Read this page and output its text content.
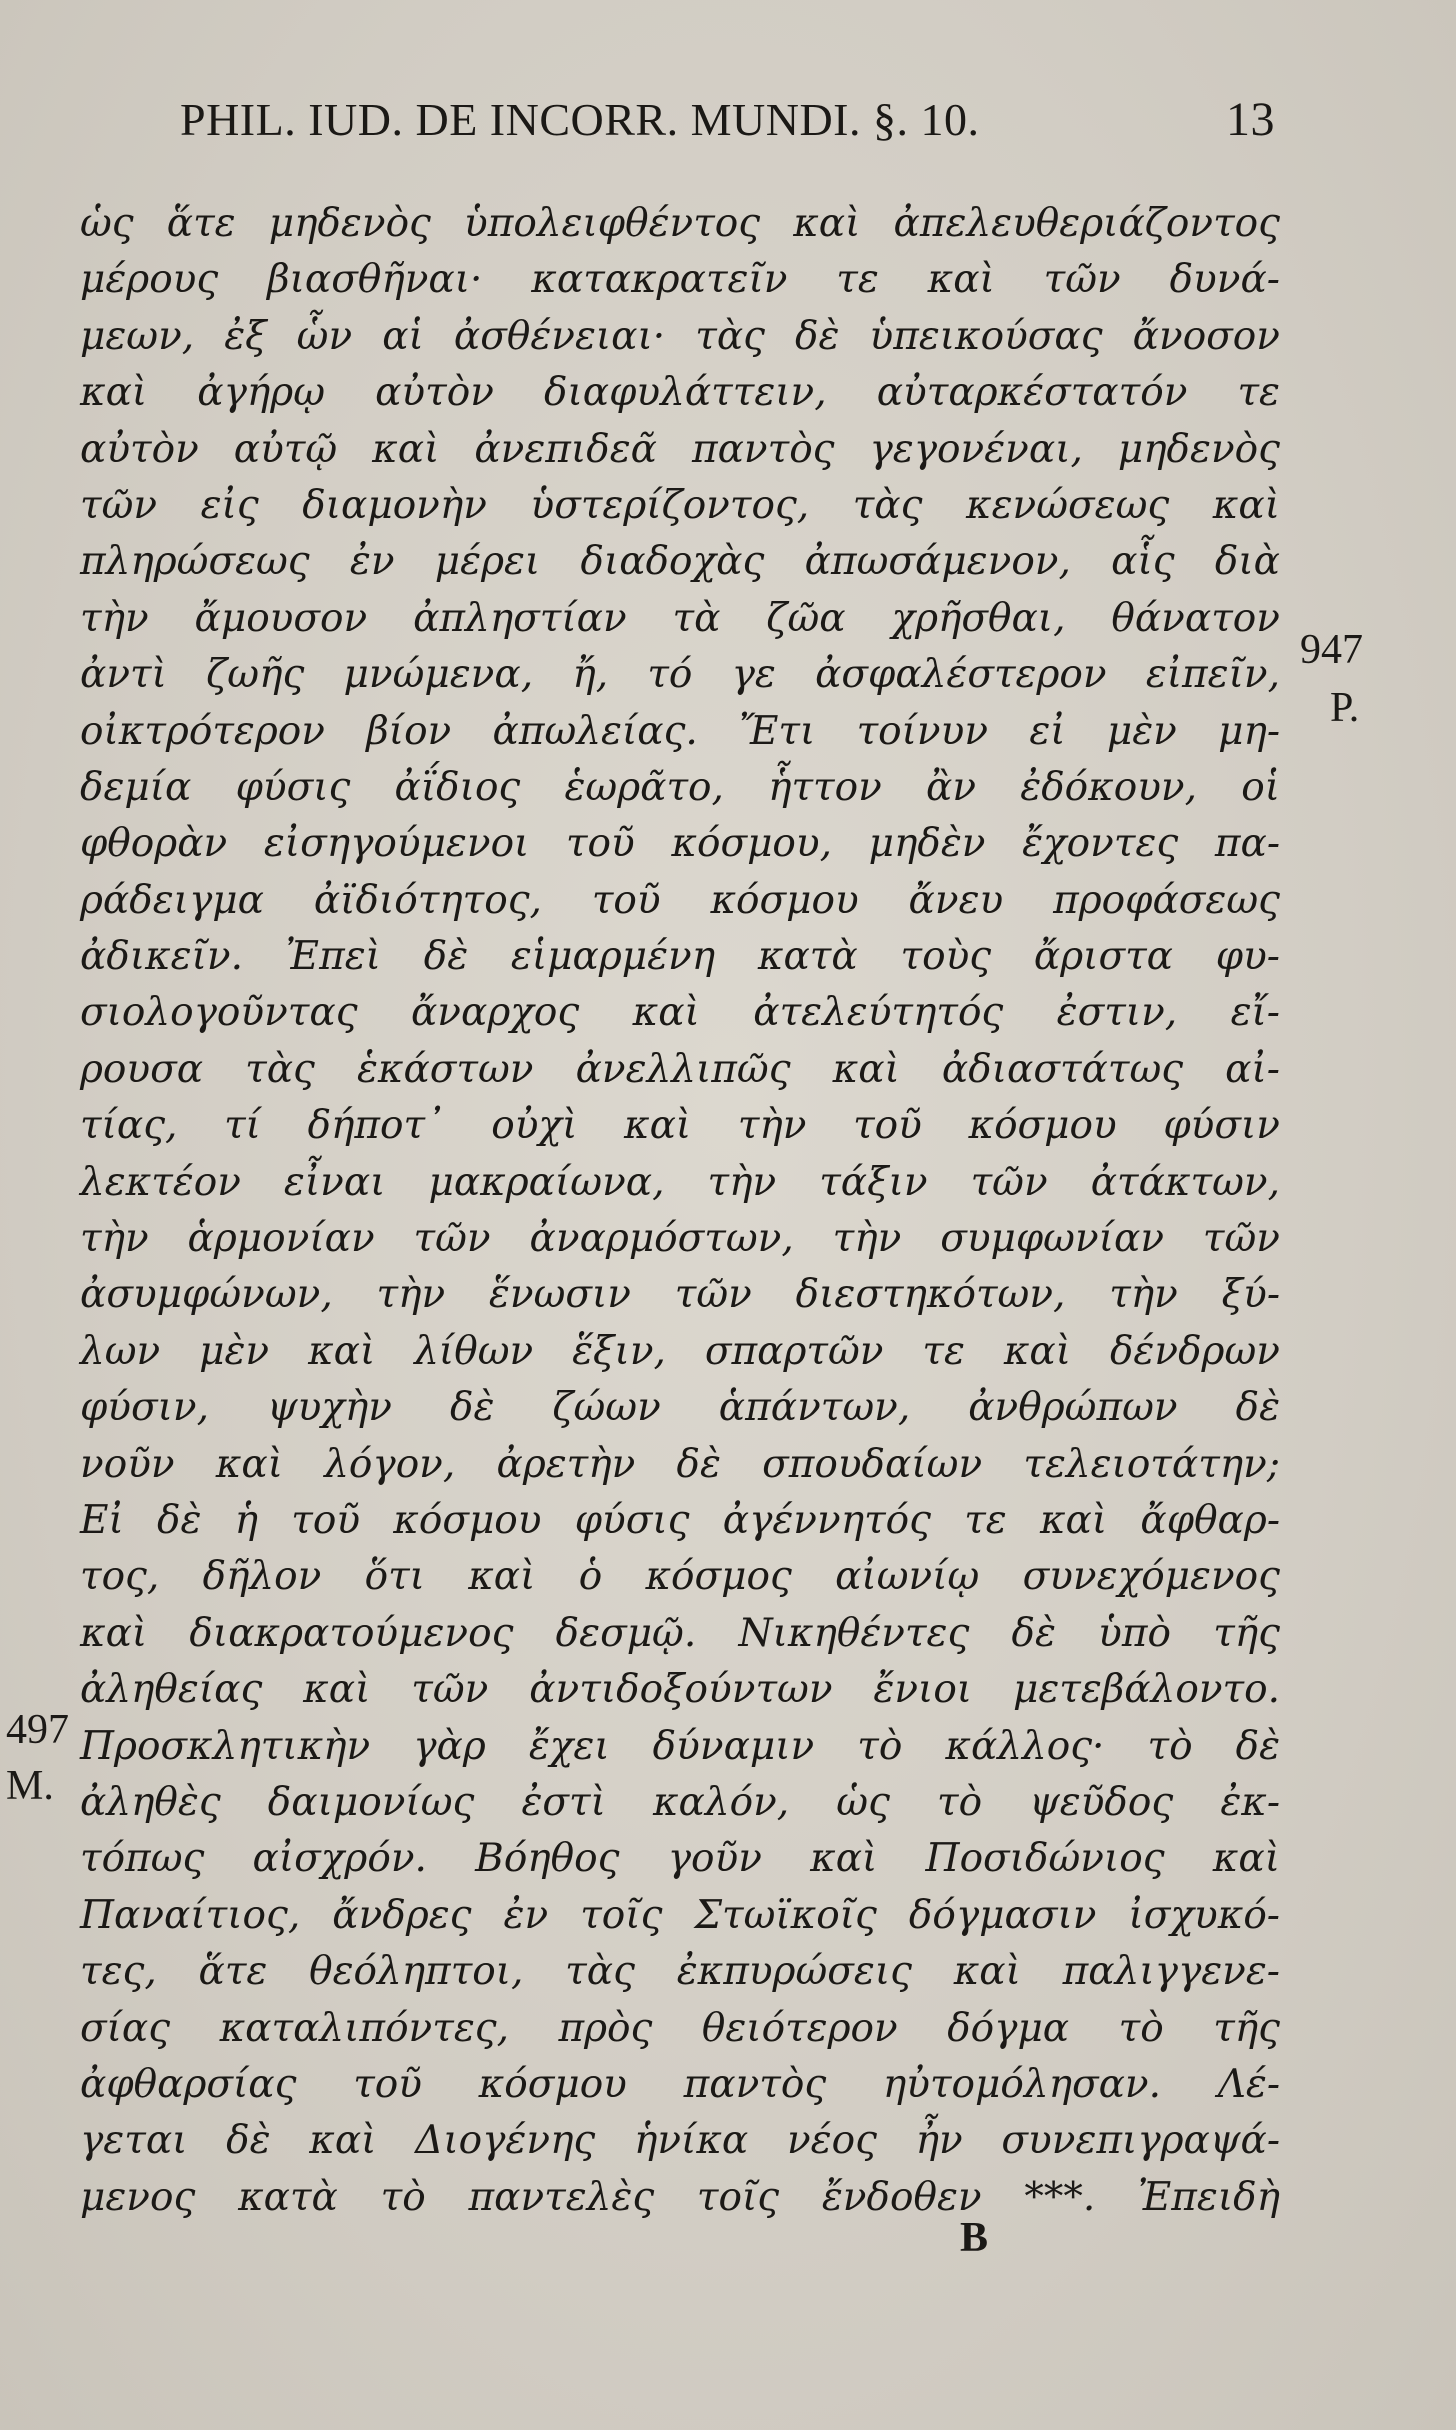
PHIL. IUD. DE INCORR. MUNDI. §. 10.	13
ὡς ἅτε μηδενὸς ὑπολειφθέντος καὶ ἀπελευθεριάζοντος
μέρους βιασθῆναι· κατακρατεῖν τε καὶ τῶν δυνά-
μεων, ἐξ ὧν αἱ ἀσθένειαι· τὰς δὲ ὑπεικούσας ἄνοσον
καὶ ἀγήρῳ αὐτὸν διαφυλάττειν, αὐταρκέστατόν τε
αὐτὸν αὐτῷ καὶ ἀνεπιδεᾶ παντὸς γεγονέναι, μηδενὸς
τῶν εἰς διαμονὴν ὑστερίζοντος, τὰς κενώσεως καὶ
πληρώσεως ἐν μέρει διαδοχὰς ἀπωσάμενον, αἷς διὰ
τὴν ἄμουσον ἀπληστίαν τὰ ζῶα χρῆσθαι, θάνατον
ἀντὶ ζωῆς μνώμενα, ἤ, τό γε ἀσφαλέστερον εἰπεῖν,
οἰκτρότερον βίον ἀπωλείας. Ἔτι τοίνυν εἰ μὲν μη-
δεμία φύσις ἀΐδιος ἑωρᾶτο, ἧττον ἂν ἐδόκουν, οἱ
φθορὰν εἰσηγούμενοι τοῦ κόσμου, μηδὲν ἔχοντες πα-
ράδειγμα ἀϊδιότητος, τοῦ κόσμου ἄνευ προφάσεως
ἀδικεῖν. Ἐπεὶ δὲ εἱμαρμένη κατὰ τοὺς ἄριστα φυ-
σιολογοῦντας ἄναρχος καὶ ἀτελεύτητός ἐστιν, εἴ-
ρουσα τὰς ἑκάστων ἀνελλιπῶς καὶ ἀδιαστάτως αἰ-
τίας, τί δήποτ᾽ οὐχὶ καὶ τὴν τοῦ κόσμου φύσιν
λεκτέον εἶναι μακραίωνα, τὴν τάξιν τῶν ἀτάκτων,
τὴν ἁρμονίαν τῶν ἀναρμόστων, τὴν συμφωνίαν τῶν
ἀσυμφώνων, τὴν ἕνωσιν τῶν διεστηκότων, τὴν ξύ-
λων μὲν καὶ λίθων ἕξιν, σπαρτῶν τε καὶ δένδρων
φύσιν, ψυχὴν δὲ ζώων ἁπάντων, ἀνθρώπων δὲ
νοῦν καὶ λόγον, ἀρετὴν δὲ σπουδαίων τελειοτάτην;
Εἰ δὲ ἡ τοῦ κόσμου φύσις ἀγέννητός τε καὶ ἄφθαρ-
τος, δῆλον ὅτι καὶ ὁ κόσμος αἰωνίῳ συνεχόμενος
καὶ διακρατούμενος δεσμῷ. Νικηθέντες δὲ ὑπὸ τῆς
ἀληθείας καὶ τῶν ἀντιδοξούντων ἔνιοι μετεβάλοντο.
Προσκλητικὴν γὰρ ἔχει δύναμιν τὸ κάλλος· τὸ δὲ
ἀληθὲς δαιμονίως ἐστὶ καλόν, ὡς τὸ ψεῦδος ἐκ-
τόπως αἰσχρόν. Βόηθος γοῦν καὶ Ποσιδώνιος καὶ
Παναίτιος, ἄνδρες ἐν τοῖς Στωϊκοῖς δόγμασιν ἰσχυκό-
τες, ἅτε θεόληπτοι, τὰς ἐκπυρώσεις καὶ παλιγγενε-
σίας καταλιπόντες, πρὸς θειότερον δόγμα τὸ τῆς
ἀφθαρσίας τοῦ κόσμου παντὸς ηὐτομόλησαν. Λέ-
γεται δὲ καὶ Διογένης ἡνίκα νέος ἦν συνεπιγραψά-
μενος κατὰ τὸ παντελὲς τοῖς ἔνδοθεν ***. Ἐπειδὴ
947
P.
497
M.
B
